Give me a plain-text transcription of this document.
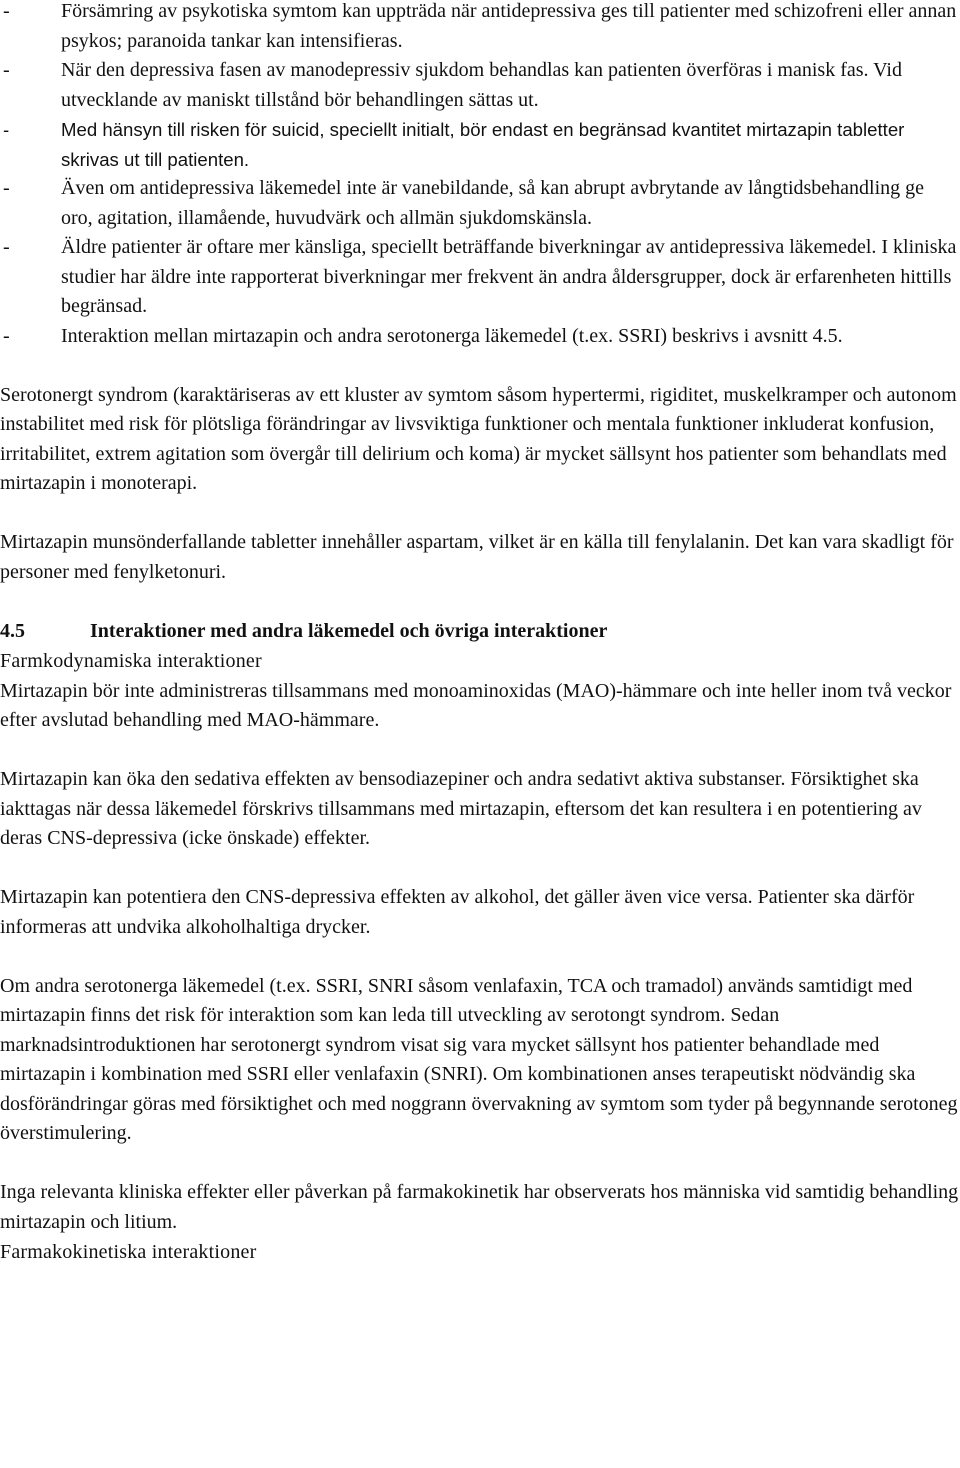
-	Försämring av psykotiska symtom kan uppträda när antidepressiva ges till patienter med schizofreni eller annan psykos; paranoida tankar kan intensifieras.
-	När den depressiva fasen av manodepressiv sjukdom behandlas kan patienten överföras i manisk fas. Vid utvecklande av maniskt tillstånd bör behandlingen sättas ut.
-	Med hänsyn till risken för suicid, speciellt initialt, bör endast en begränsad kvantitet mirtazapin tabletter skrivas ut till patienten.
-	Även om antidepressiva läkemedel inte är vanebildande, så kan abrupt avbrytande av långtidsbehandling ge oro, agitation, illamående, huvudvärk och allmän sjukdomskänsla.
-	Äldre patienter är oftare mer känsliga, speciellt beträffande biverkningar av antidepressiva läkemedel. I kliniska studier har äldre inte rapporterat biverkningar mer frekvent än andra åldersgrupper, dock är erfarenheten hittills begränsad.
-	Interaktion mellan mirtazapin och andra serotonerga läkemedel (t.ex. SSRI) beskrivs i avsnitt 4.5.

Serotonergt syndrom (karaktäriseras av ett kluster av symtom såsom hypertermi, rigiditet, muskelkramper och autonom instabilitet med risk för plötsliga förändringar av livsviktiga funktioner och mentala funktioner inkluderat konfusion, irritabilitet, extrem agitation som övergår till delirium och koma) är mycket sällsynt hos patienter som behandlats med mirtazapin i monoterapi.

Mirtazapin munsönderfallande tabletter innehåller aspartam, vilket är en källa till fenylalanin. Det kan vara skadligt för personer med fenylketonuri.

4.5	Interaktioner med andra läkemedel och övriga interaktioner

Farmkodynamiska interaktioner

Mirtazapin bör inte administreras tillsammans med monoaminoxidas (MAO)-hämmare och inte heller inom två veckor efter avslutad behandling med MAO-hämmare.

Mirtazapin kan öka den sedativa effekten av bensodiazepiner och andra sedativt aktiva substanser. Försiktighet ska iakttagas när dessa läkemedel förskrivs tillsammans med mirtazapin, eftersom det kan resultera i en potentiering av deras CNS-depressiva (icke önskade) effekter.

Mirtazapin kan potentiera den CNS-depressiva effekten av alkohol, det gäller även vice versa. Patienter ska därför informeras att undvika alkoholhaltiga drycker.

Om andra serotonerga läkemedel (t.ex. SSRI, SNRI såsom venlafaxin, TCA och tramadol) används samtidigt med mirtazapin finns det risk för interaktion som kan leda till utveckling av serotongt syndrom. Sedan marknadsintroduktionen har serotonergt syndrom visat sig vara mycket sällsynt hos patienter behandlade med mirtazapin i kombination med SSRI eller venlafaxin (SNRI). Om kombinationen anses terapeutiskt nödvändig ska dosförändringar göras med försiktighet och med noggrann övervakning av symtom som tyder på begynnande serotoneg överstimulering.

Inga relevanta kliniska effekter eller påverkan på farmakokinetik har observerats hos människa vid samtidig behandling mirtazapin och litium.

Farmakokinetiska interaktioner
